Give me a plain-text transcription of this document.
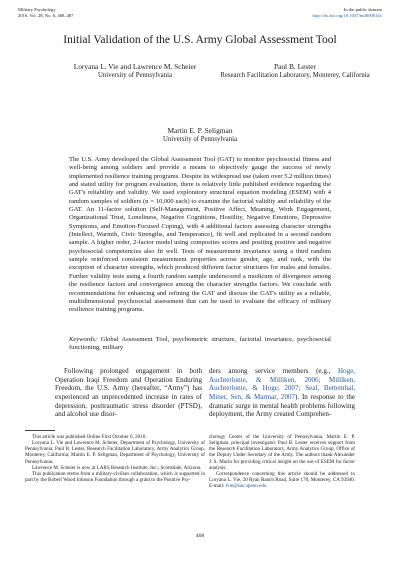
Military Psychology
2016, Vol. 28, No. 6, 468–487
In the public domain
http://dx.doi.org/10.1037/mil0000141
Initial Validation of the U.S. Army Global Assessment Tool
Loryana L. Vie and Lawrence M. Scheier
University of Pennsylvania
Paul B. Lester
Research Facilitation Laboratory, Monterey, California
Martin E. P. Seligman
University of Pennsylvania
The U.S. Army developed the Global Assessment Tool (GAT) to monitor psychosocial fitness and well-being among soldiers and provide a means to objectively gauge the success of newly implemented resilience training programs. Despite its widespread use (taken over 5.2 million times) and stated utility for program evaluation, there is relatively little published evidence regarding the GAT's reliability and validity. We used exploratory structural equation modeling (ESEM) with 4 random samples of soldiers (n = 10,000 each) to examine the factorial validity and reliability of the GAT. An 11-factor solution (Self-Management, Positive Affect, Meaning, Work Engagement, Organizational Trust, Loneliness, Negative Cognitions, Hostility, Negative Emotions, Depressive Symptoms, and Emotion-Focused Coping), with 4 additional factors assessing character strengths (Intellect, Warmth, Civic Strengths, and Temperance), fit well and replicated in a second random sample. A higher order, 2-factor model using composites scores and positing positive and negative psychosocial competencies also fit well. Tests of measurement invariance using a third random sample reinforced consistent measurement properties across gender, age, and rank, with the exception of character strengths, which produced different factor structures for males and females. Further validity tests using a fourth random sample underscored a modicum of divergence among the resilience factors and convergence among the character strengths factors. We conclude with recommendations for enhancing and refining the GAT and discuss the GAT's utility as a reliable, multidimensional psychosocial assessment that can be used to evaluate the efficacy of military resilience training programs.
Keywords: Global Assessment Tool, psychometric structure, factorial invariance, psychosocial functioning, military
Following prolonged engagement in both Operation Iraqi Freedom and Operation Enduring Freedom, the U.S. Army (hereafter, “Army”) has experienced an unprecedented increase in rates of depression, posttraumatic stress disorder (PTSD), and alcohol use disor-
ders among service members (e.g., Hoge, Auchterlonie, & Milliken, 2006; Milliken, Auchterlonie, & Hoge, 2007; Seal, Bertenthal, Miner, Sen, & Marmar, 2007). In response to the dramatic surge in mental health problems following deployment, the Army created Comprehen-

This article was published Online First October 6, 2016.

Loryana L. Vie and Lawrence M. Scheier, Department of Psychology, University of Pennsylvania; Paul B. Lester, Research Facilitation Laboratory, Army Analytics Group, Monterey, California; Martin E. P. Seligman, Department of Psychology, University of Pennsylvania.

Lawrence M. Scheier is now at LARS Research Institute, Inc., Scottsdale, Arizona.

This publication stems from a military-civilian collaboration, which is supported in part by the Robert Wood Johnson Foundation through a grant to the Positive Psy-

chology Center of the University of Pennsylvania, Martin E. P. Seligman, principal investigator. Paul B. Lester receives support from the Research Facilitation Laboratory, Army Analytics Group, Office of the Deputy Under Secretary of the Army. The authors thank Alexander J. S. Morin for providing critical insight on the use of ESEM for factor analysis.

Correspondence concerning this article should be addressed to Loryana L. Vie, 20 Ryan Ranch Road, Suite 170, Monterey, CA 93940. E-mail: lvie@sas.upenn.edu

468
